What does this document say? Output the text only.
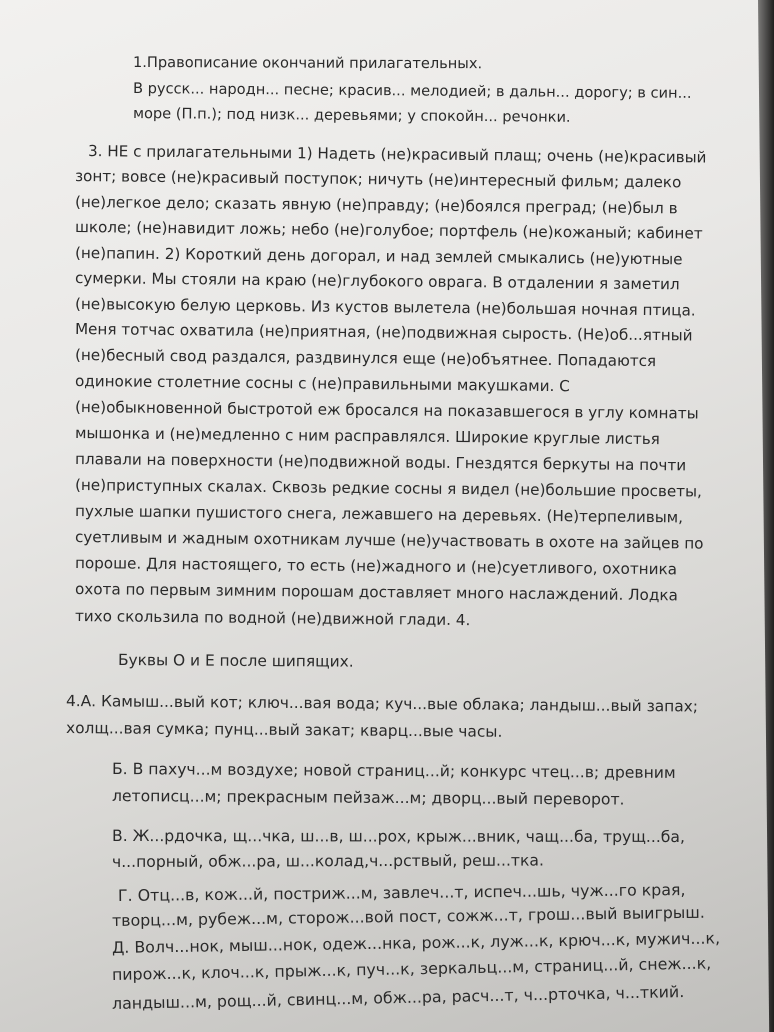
1.Правописание окончаний прилагательных.
В русск... народн... песне; красив... мелодией; в дальн... дорогу; в син...
море (П.п.); под низк... деревьями; у спокойн... речонки.
3. НЕ с прилагательными 1) Надеть (не)красивый плащ; очень (не)красивый
зонт; вовсе (не)красивый поступок; ничуть (не)интересный фильм; далеко
(не)легкое дело; сказать явную (не)правду; (не)боялся преград; (не)был в
школе; (не)навидит ложь; небо (не)голубое; портфель (не)кожаный; кабинет
(не)папин. 2) Короткий день догорал, и над землей смыкались (не)уютные
сумерки. Мы стояли на краю (не)глубокого оврага. В отдалении я заметил
(не)высокую белую церковь. Из кустов вылетела (не)большая ночная птица.
Меня тотчас охватила (не)приятная, (не)подвижная сырость. (Не)об...ятный
(не)бесный свод раздался, раздвинулся еще (не)объятнее. Попадаются
одинокие столетние сосны с (не)правильными макушками. С
(не)обыкновенной быстротой еж бросался на показавшегося в углу комнаты
мышонка и (не)медленно с ним расправлялся. Широкие круглые листья
плавали на поверхности (не)подвижной воды. Гнездятся беркуты на почти
(не)приступных скалах. Сквозь редкие сосны я видел (не)большие просветы,
пухлые шапки пушистого снега, лежавшего на деревьях. (Не)терпеливым,
суетливым и жадным охотникам лучше (не)участвовать в охоте на зайцев по
пороше. Для настоящего, то есть (не)жадного и (не)суетливого, охотника
охота по первым зимним порошам доставляет много наслаждений. Лодка
тихо скользила по водной (не)движной глади. 4.
Буквы О и Е после шипящих.
4.А. Камыш...вый кот; ключ...вая вода; куч...вые облака; ландыш...вый запах;
холщ...вая сумка; пунц...вый закат; кварц...вые часы.
Б. В пахуч...м воздухе; новой страниц...й; конкурс чтец...в; древним
летописц...м; прекрасным пейзаж...м; дворц...вый переворот.
В. Ж...рдочка, щ...чка, ш...в, ш...рох, крыж...вник, чащ...ба, трущ...ба,
ч...порный, обж...ра, ш...колад,ч...рствый, реш...тка.
Г. Отц...в, кож...й, постриж...м, завлеч...т, испеч...шь, чуж...го края,
творц...м, рубеж...м, сторож...вой пост, сожж...т, грош...вый выигрыш.
Д. Волч...нок, мыш...нок, одеж...нка, рож...к, луж...к, крюч...к, мужич...к,
пирож...к, клоч...к, прыж...к, пуч...к, зеркальц...м, страниц...й, снеж...к,
ландыш...м, рощ...й, свинц...м, обж...ра, расч...т, ч...рточка, ч...ткий.
